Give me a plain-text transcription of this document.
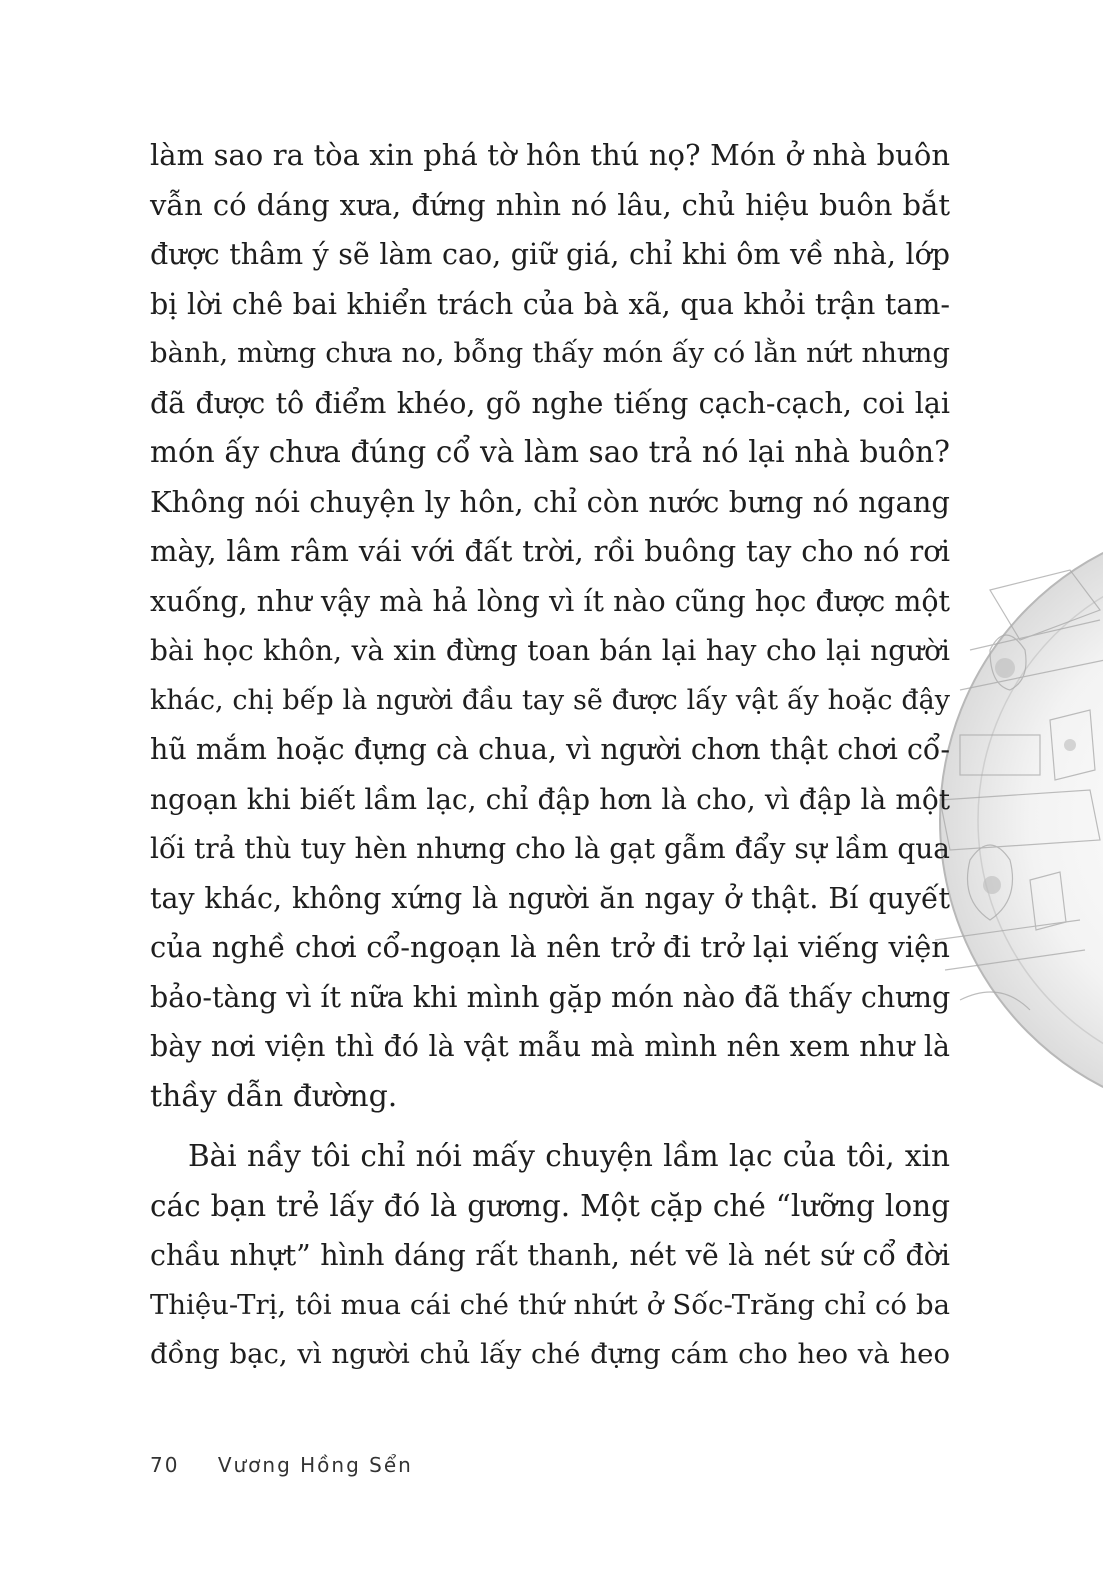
làm sao ra tòa xin phá tờ hôn thú nọ? Món ở nhà buôn
vẫn có dáng xưa, đứng nhìn nó lâu, chủ hiệu buôn bắt
được thâm ý sẽ làm cao, giữ giá, chỉ khi ôm về nhà, lớp
bị lời chê bai khiển trách của bà xã, qua khỏi trận tam-
bành, mừng chưa no, bỗng thấy món ấy có lằn nứt nhưng
đã được tô điểm khéo, gõ nghe tiếng cạch-cạch, coi lại
món ấy chưa đúng cổ và làm sao trả nó lại nhà buôn?
Không nói chuyện ly hôn, chỉ còn nước bưng nó ngang
mày, lâm râm vái với đất trời, rồi buông tay cho nó rơi
xuống, như vậy mà hả lòng vì ít nào cũng học được một
bài học khôn, và xin đừng toan bán lại hay cho lại người
khác, chị bếp là người đầu tay sẽ được lấy vật ấy hoặc đậy
hũ mắm hoặc đựng cà chua, vì người chơn thật chơi cổ-
ngoạn khi biết lầm lạc, chỉ đập hơn là cho, vì đập là một
lối trả thù tuy hèn nhưng cho là gạt gẫm đẩy sự lầm qua
tay khác, không xứng là người ăn ngay ở thật. Bí quyết
của nghề chơi cổ-ngoạn là nên trở đi trở lại viếng viện
bảo-tàng vì ít nữa khi mình gặp món nào đã thấy chưng
bày nơi viện thì đó là vật mẫu mà mình nên xem như là
thầy dẫn đường.

Bài nầy tôi chỉ nói mấy chuyện lầm lạc của tôi, xin
các bạn trẻ lấy đó là gương. Một cặp ché “lưỡng long
chầu nhựt” hình dáng rất thanh, nét vẽ là nét sứ cổ đời
Thiệu-Trị, tôi mua cái ché thứ nhứt ở Sốc-Trăng chỉ có ba
đồng bạc, vì người chủ lấy ché đựng cám cho heo và heo

70 Vương Hồng Sển
